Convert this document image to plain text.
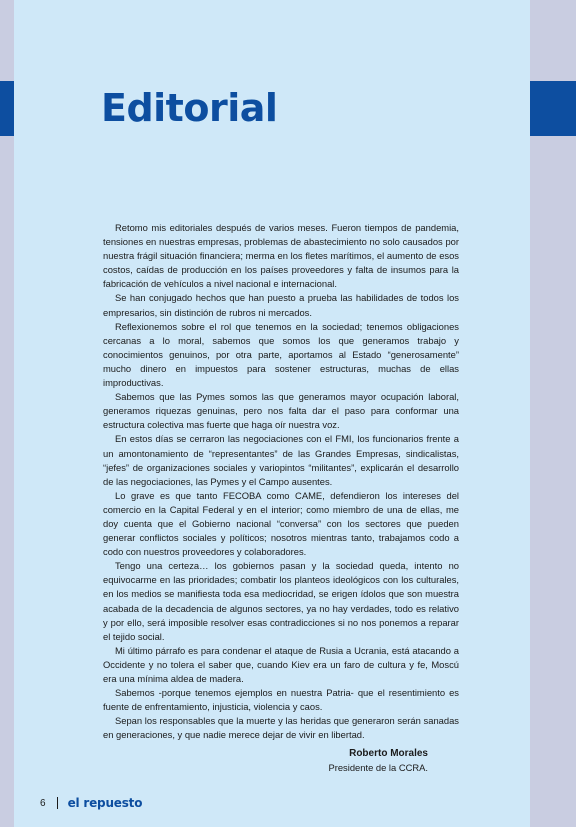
Editorial

Retomo mis editoriales después de varios meses. Fueron tiempos de pandemia, tensiones en nuestras empresas, problemas de abastecimiento no solo causados por nuestra frágil situación financiera; merma en los fletes marítimos, el aumento de esos costos, caídas de producción en los países proveedores y falta de insumos para la fabricación de vehículos a nivel nacional e internacional.

Se han conjugado hechos que han puesto a prueba las habilidades de todos los empresarios, sin distinción de rubros ni mercados.

Reflexionemos sobre el rol que tenemos en la sociedad; tenemos obligaciones cercanas a lo moral, sabemos que somos los que generamos trabajo y conocimientos genuinos, por otra parte, aportamos al Estado “generosamente” mucho dinero en impuestos para sostener estructuras, muchas de ellas improductivas.

Sabemos que las Pymes somos las que generamos mayor ocupación laboral, generamos riquezas genuinas, pero nos falta dar el paso para conformar una estructura colectiva mas fuerte que haga oír nuestra voz.

En estos días se cerraron las negociaciones con el FMI, los funcionarios frente a un amontonamiento de “representantes” de las Grandes Empresas, sindicalistas, “jefes” de organizaciones sociales y variopintos “militantes”, explicarán el desarrollo de las negociaciones, las Pymes y el Campo ausentes.

Lo grave es que tanto FECOBA como CAME, defendieron los intereses del comercio en la Capital Federal y en el interior; como miembro de una de ellas, me doy cuenta que el Gobierno nacional “conversa” con los sectores que pueden generar conflictos sociales y políticos; nosotros mientras tanto, trabajamos codo a codo con nuestros proveedores y colaboradores.

Tengo una certeza… los gobiernos pasan y la sociedad queda, intento no equivocarme en las prioridades; combatir los planteos ideológicos con los culturales, en los medios se manifiesta toda esa mediocridad, se erigen ídolos que son muestra acabada de la decadencia de algunos sectores, ya no hay verdades, todo es relativo y por ello, será imposible resolver esas contradicciones si no nos ponemos a reparar el tejido social.

Mi último párrafo es para condenar el ataque de Rusia a Ucrania, está atacando a Occidente y no tolera el saber que, cuando Kiev era un faro de cultura y fe, Moscú era una mínima aldea de madera.

Sabemos -porque tenemos ejemplos en nuestra Patria- que el resentimiento es fuente de enfrentamiento, injusticia, violencia y caos.

Sepan los responsables que la muerte y las heridas que generaron serán sanadas en generaciones, y que nadie merece dejar de vivir en libertad.

Roberto Morales
Presidente de la CCRA.
6 el repuesto
